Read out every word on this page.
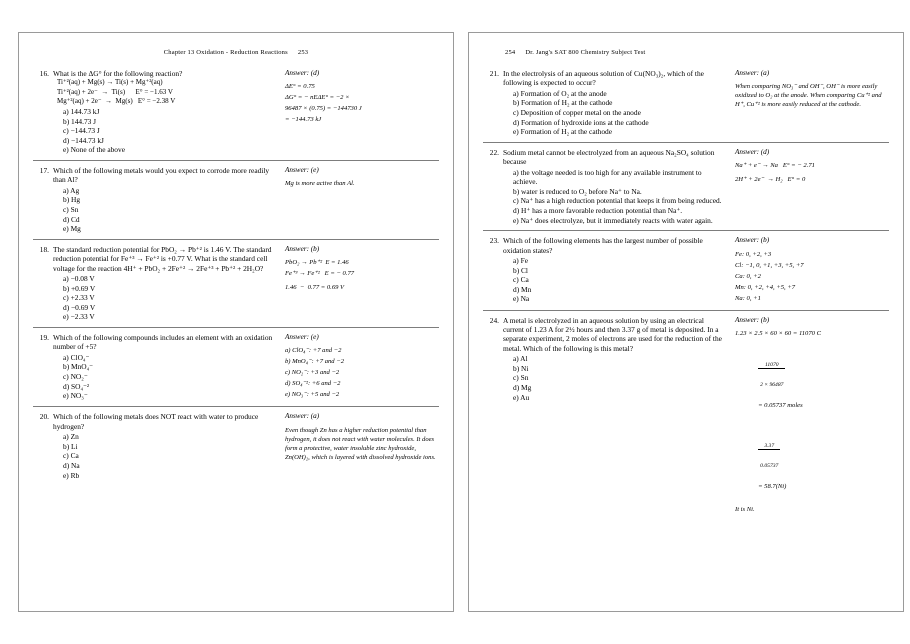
Chapter 13 Oxidation - Reduction Reactions 253
16. What is the ΔG° for the following reaction?
Ti⁺²(aq) + Mg(s) → Ti(s) + Mg⁺²(aq)
Ti⁺²(aq) + 2e⁻  →  Ti(s)      E° = −1.63 V
Mg⁺²(aq) + 2e⁻  →  Mg(s)   E° = −2.38 V
a) 144.73 kJ
b) 144.73 J
c) −144.73 J
d) −144.73 kJ
e) None of the above
Answer: (d)
ΔE° = 0.75
ΔG° = − nEΔE° = −2 ×
96487 × (0.75) = −144730 J
= −144.73 kJ
17. Which of the following metals would you expect to corrode more readily than Al?
a) Ag
b) Hg
c) Sn
d) Cd
e) Mg
Answer: (e)
Mg is more active than Al.
18. The standard reduction potential for PbO₂ → Pb⁺² is 1.46 V. The standard reduction potential for Fe⁺³ → Fe⁺² is +0.77 V. What is the standard cell voltage for the reaction 4H⁺ + PbO₂ + 2Fe⁺² → 2Fe⁺³ + Pb⁺² + 2H₂O?
a) −0.08 V
b) +0.69 V
c) +2.33 V
d) −0.69 V
e) −2.33 V
Answer: (b)
PbO₂ → Pb⁺²  E = 1.46
Fe⁺³ → Fe⁺²   E = − 0.77
1.46  −  0.77 = 0.69 V
19. Which of the following compounds includes an element with an oxidation number of +5?
a) ClO₄⁻
b) MnO₄⁻
c) NO₂⁻
d) SO₄⁻²
e) NO₃⁻
Answer: (e)
a) ClO₄⁻: +7 and −2
b) MnO₄⁻: +7 and −2
c) NO₂⁻: +3 and −2
d) SO₄⁻²: +6 and −2
e) NO₃⁻: +5 and −2
20. Which of the following metals does NOT react with water to produce hydrogen?
a) Zn
b) Li
c) Ca
d) Na
e) Rb
Answer: (a)
Even though Zn has a higher reduction potential than hydrogen, it does not react with water molecules. It does form a protective, water insoluble zinc hydroxide, Zn(OH)₂, which is layered with dissolved hydroxide ions.
254 Dr. Jang's SAT 800 Chemistry Subject Test
21. In the electrolysis of an aqueous solution of Cu(NO₃)₂, which of the following is expected to occur?
a) Formation of O₂ at the anode
b) Formation of H₂ at the cathode
c) Deposition of copper metal on the anode
d) Formation of hydroxide ions at the cathode
e) Formation of H₂ at the cathode
Answer: (a)
When comparing NO₃⁻ and OH⁻, OH⁻ is more easily oxidized to O₂ at the anode. When comparing Cu⁺² and H⁺, Cu⁺² is more easily reduced at the cathode.
22. Sodium metal cannot be electrolyzed from an aqueous Na₂SO₄ solution because
a) the voltage needed is too high for any available instrument to achieve.
b) water is reduced to O₂ before Na⁺ to Na.
c) Na⁺ has a high reduction potential that keeps it from being reduced.
d) H⁺ has a more favorable reduction potential than Na⁺.
e) Na⁺ does electrolyze, but it immediately reacts with water again.
Answer: (d)
Na⁺ + e⁻ → Na   E° = − 2.71
2H⁺ + 2e⁻  → H₂   E° = 0
23. Which of the following elements has the largest number of possible oxidation states?
a) Fe
b) Cl
c) Ca
d) Mn
e) Na
Answer: (b)
Fe: 0, +2, +3
Cl: −1, 0, +1, +3, +5, +7
Ca: 0, +2
Mn: 0, +2, +4, +5, +7
Na: 0, +1
24. A metal is electrolyzed in an aqueous solution by using an electrical current of 1.23 A for 2½ hours and then 3.37 g of metal is deposited. In a separate experiment, 2 moles of electrons are used for the reduction of the metal. Which of the following is this metal?
a) Al
b) Ni
c) Sn
d) Mg
e) Au
Answer: (b)
1.23 × 2.5 × 60 × 60 = 11070 C

$\frac{11070}{2 \times 96487}$

= 0.05737 moles

$\frac{3.37}{0.05737}$

= 58.7(Ni)

It is Ni.
